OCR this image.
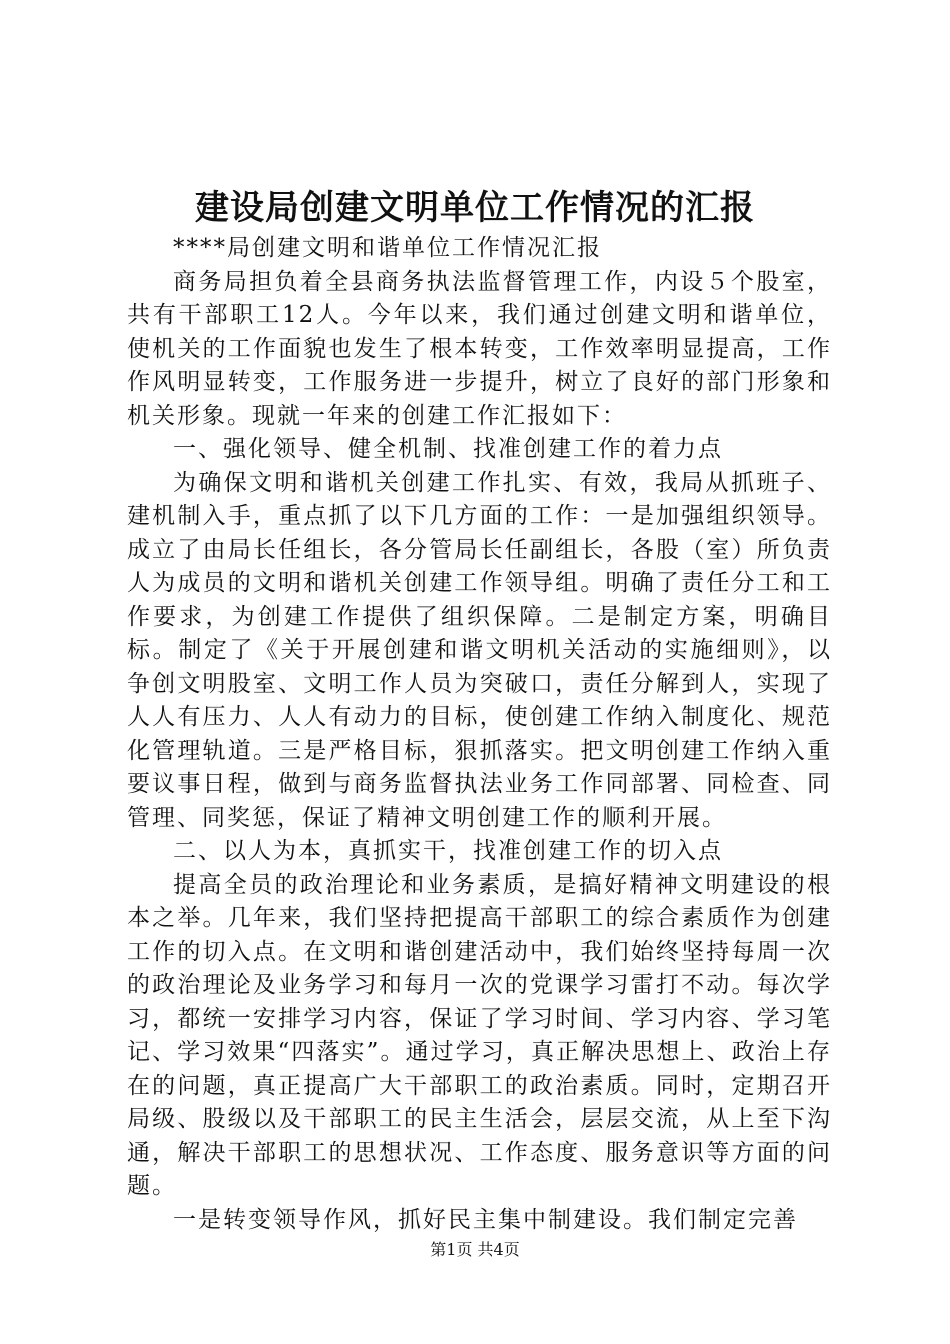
建设局创建文明单位工作情况的汇报

****局创建文明和谐单位工作情况汇报

商务局担负着全县商务执法监督管理工作，内设５个股室，共有干部职工12人。今年以来，我们通过创建文明和谐单位，使机关的工作面貌也发生了根本转变，工作效率明显提高，工作作风明显转变，工作服务进一步提升，树立了良好的部门形象和机关形象。现就一年来的创建工作汇报如下：

一、强化领导、健全机制、找准创建工作的着力点

为确保文明和谐机关创建工作扎实、有效，我局从抓班子、建机制入手，重点抓了以下几方面的工作：一是加强组织领导。成立了由局长任组长，各分管局长任副组长，各股（室）所负责人为成员的文明和谐机关创建工作领导组。明确了责任分工和工作要求，为创建工作提供了组织保障。二是制定方案，明确目标。制定了《关于开展创建和谐文明机关活动的实施细则》，以争创文明股室、文明工作人员为突破口，责任分解到人，实现了人人有压力、人人有动力的目标，使创建工作纳入制度化、规范化管理轨道。三是严格目标，狠抓落实。把文明创建工作纳入重要议事日程，做到与商务监督执法业务工作同部署、同检查、同管理、同奖惩，保证了精神文明创建工作的顺利开展。

二、以人为本，真抓实干，找准创建工作的切入点

提高全员的政治理论和业务素质，是搞好精神文明建设的根本之举。几年来，我们坚持把提高干部职工的综合素质作为创建工作的切入点。在文明和谐创建活动中，我们始终坚持每周一次的政治理论及业务学习和每月一次的党课学习雷打不动。每次学习，都统一安排学习内容，保证了学习时间、学习内容、学习笔记、学习效果“四落实”。通过学习，真正解决思想上、政治上存在的问题，真正提高广大干部职工的政治素质。同时，定期召开局级、股级以及干部职工的民主生活会，层层交流，从上至下沟通，解决干部职工的思想状况、工作态度、服务意识等方面的问题。

一是转变领导作风，抓好民主集中制建设。我们制定完善

第1页 共4页
